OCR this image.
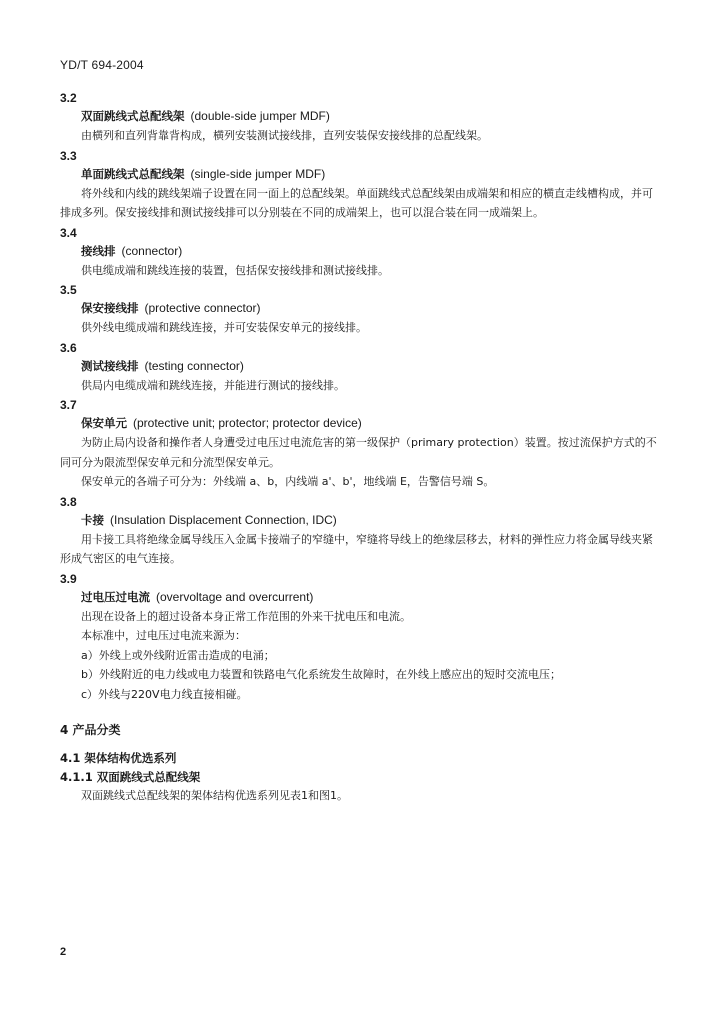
YD/T 694-2004
3.2
双面跳线式总配线架 (double-side jumper MDF)
由横列和直列背靠背构成，横列安装测试接线排，直列安装保安接线排的总配线架。
3.3
单面跳线式总配线架 (single-side jumper MDF)
将外线和内线的跳线架端子设置在同一面上的总配线架。单面跳线式总配线架由成端架和相应的横直走线槽构成，并可排成多列。保安接线排和测试接线排可以分别装在不同的成端架上，也可以混合装在同一成端架上。
3.4
接线排 (connector)
供电缆成端和跳线连接的装置，包括保安接线排和测试接线排。
3.5
保安接线排 (protective connector)
供外线电缆成端和跳线连接，并可安装保安单元的接线排。
3.6
测试接线排 (testing connector)
供局内电缆成端和跳线连接，并能进行测试的接线排。
3.7
保安单元 (protective unit; protector; protector device)
为防止局内设备和操作者人身遭受过电压过电流危害的第一级保护（primary protection）装置。按过流保护方式的不同可分为限流型保安单元和分流型保安单元。
保安单元的各端子可分为：外线端 a、b，内线端 a'、b'，地线端 E，告警信号端 S。
3.8
卡接 (Insulation Displacement Connection, IDC)
用卡接工具将绝缘金属导线压入金属卡接端子的窄缝中，窄缝将导线上的绝缘层移去，材料的弹性应力将金属导线夹紧形成气密区的电气连接。
3.9
过电压过电流 (overvoltage and overcurrent)
出现在设备上的超过设备本身正常工作范围的外来干扰电压和电流。
本标准中，过电压过电流来源为：
a）外线上或外线附近雷击造成的电涌；
b）外线附近的电力线或电力装置和铁路电气化系统发生故障时，在外线上感应出的短时交流电压；
c）外线与220V电力线直接相碰。
4 产品分类
4.1 架体结构优选系列
4.1.1 双面跳线式总配线架
双面跳线式总配线架的架体结构优选系列见表1和图1。
2
